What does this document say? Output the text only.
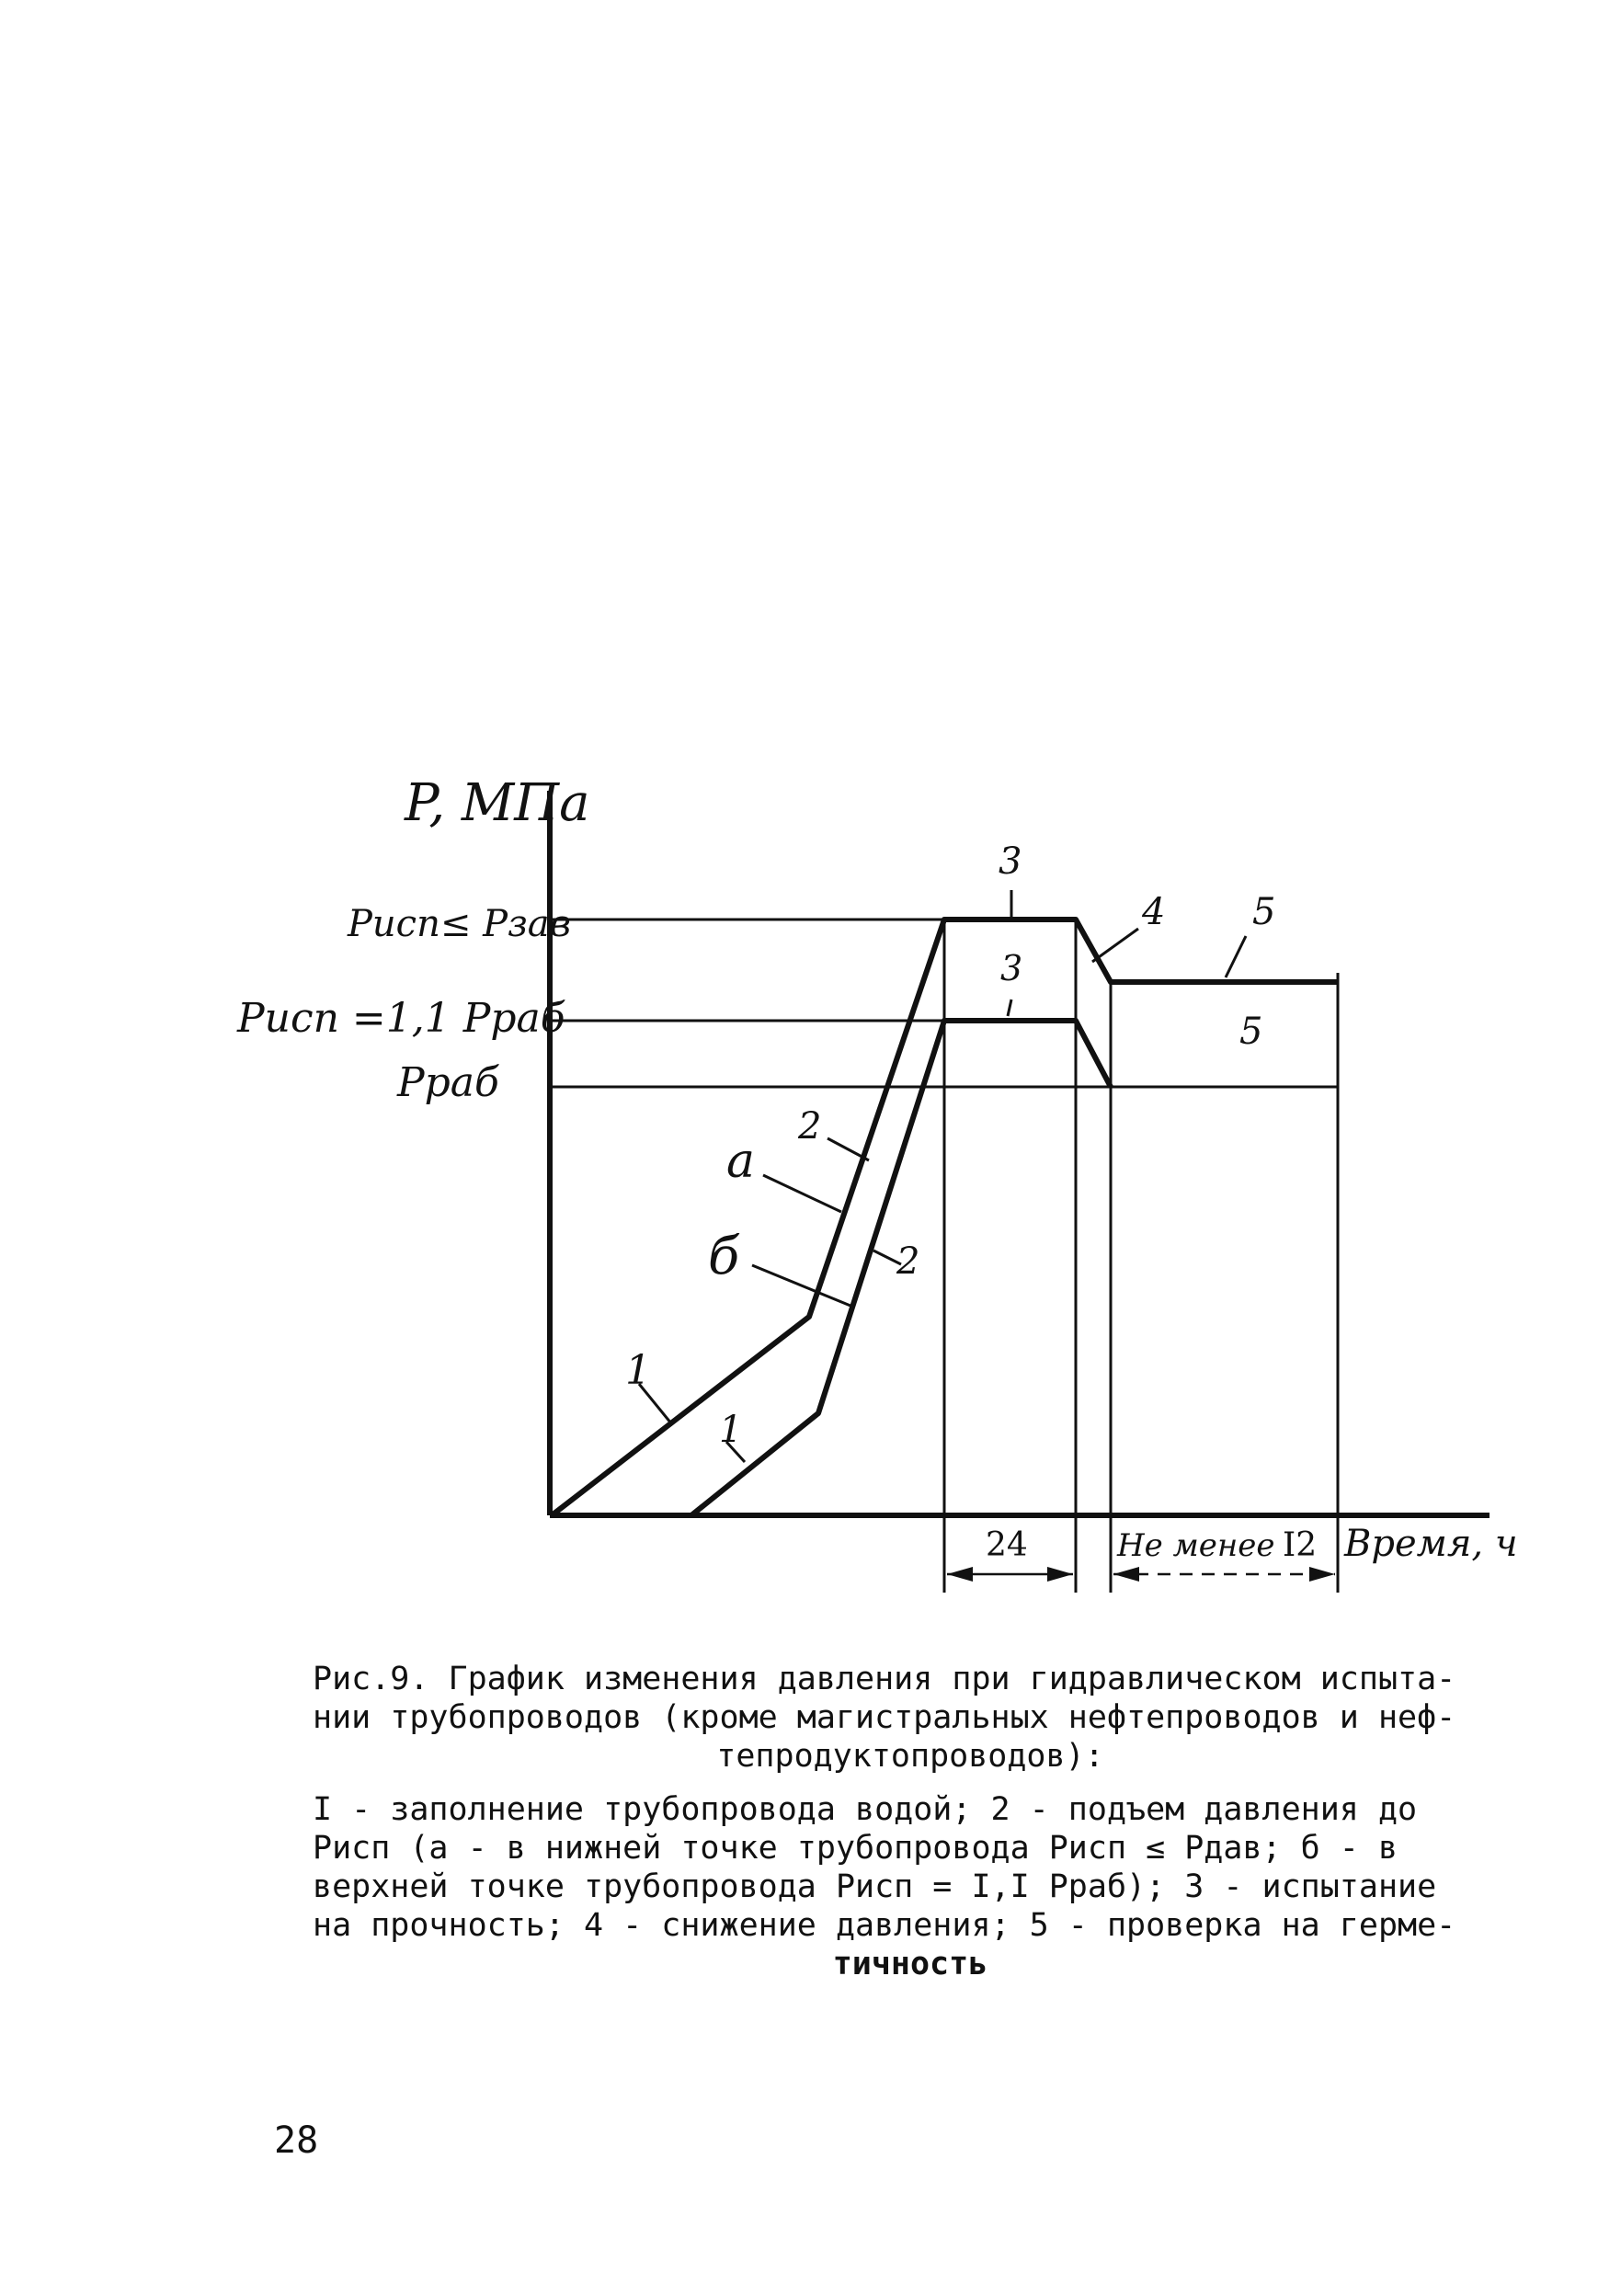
P, МПа
Pисп≤ Pзав
Pисп =1,1 Pраб
Pраб
Время, ч
а
б
2
2
1
1
3
3
4 5
5
24	Не менее I2

Рис.9. График изменения давления при гидравлическом испыта-

нии трубопроводов (кроме магистральных нефтепроводов и неф-

тепродуктопроводов):

I - заполнение трубопровода водой; 2 - подъем давления до

Pисп (а - в нижней точке трубопровода Pисп ≤ Pдав; б - в

верхней точке трубопровода Pисп = I,I Pраб); 3 - испытание

на прочность; 4 - снижение давления; 5 - проверка на герме-

тичность

28
